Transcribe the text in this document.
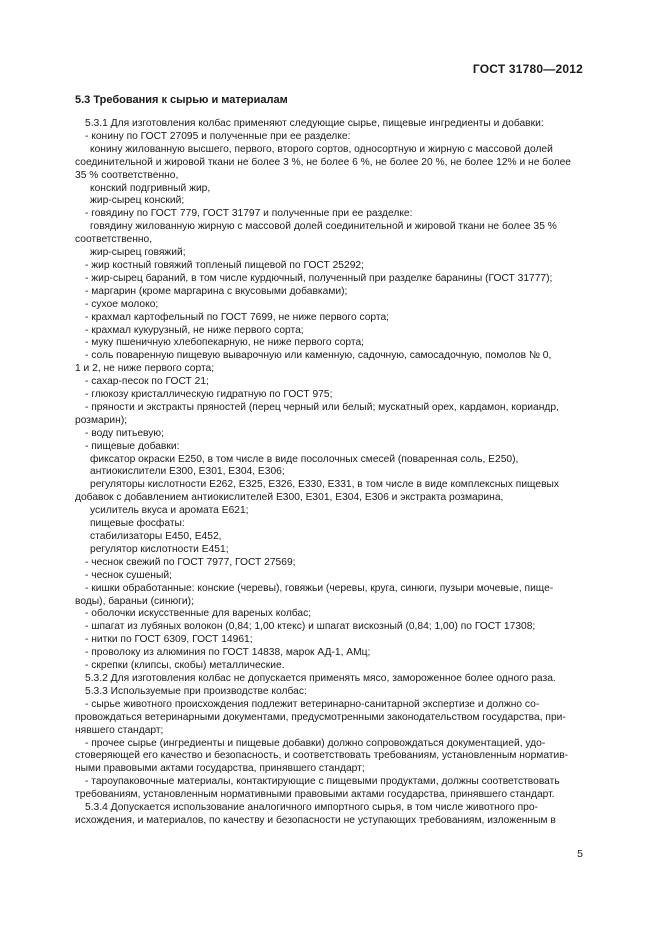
ГОСТ 31780—2012
5.3 Требования к сырью и материалам
5.3.1 Для изготовления колбас применяют следующие сырье, пищевые ингредиенты и добавки:
- конину по ГОСТ 27095 и полученные при ее разделке:
конину жилованную высшего, первого, второго сортов, односортную и жирную с массовой долей
соединительной и жировой ткани не более 3 %, не более 6 %, не более 20 %, не более 12% и не более
35 % соответственно,
конский подгривный жир,
жир-сырец конский;
- говядину по ГОСТ 779, ГОСТ 31797 и полученные при ее разделке:
говядину жилованную жирную с массовой долей соединительной и жировой ткани не более 35 %
соответственно,
жир-сырец говяжий;
- жир костный говяжий топленый пищевой по ГОСТ 25292;
- жир-сырец бараний, в том числе курдючный, полученный при разделке баранины (ГОСТ 31777);
- маргарин (кроме маргарина с вкусовыми добавками);
- сухое молоко;
- крахмал картофельный по ГОСТ 7699, не ниже первого сорта;
- крахмал кукурузный, не ниже первого сорта;
- муку пшеничную хлебопекарную, не ниже первого сорта;
- соль поваренную пищевую выварочную или каменную, садочную, самосадочную, помолов № 0,
1 и 2, не ниже первого сорта;
- сахар-песок по ГОСТ 21;
- глюкозу кристаллическую гидратную по ГОСТ 975;
- пряности и экстракты пряностей (перец черный или белый; мускатный орех, кардамон, кориандр,
розмарин);
- воду питьевую;
- пищевые добавки:
фиксатор окраски Е250, в том числе в виде посолочных смесей (поваренная соль, Е250),
антиокислители Е300, Е301, Е304, Е306;
регуляторы кислотности Е262, Е325, Е326, Е330, Е331, в том числе в виде комплексных пищевых
добавок с добавлением антиокислителей Е300, Е301, Е304, Е306 и экстракта розмарина,
усилитель вкуса и аромата Е621;
пищевые фосфаты:
стабилизаторы Е450, Е452,
регулятор кислотности Е451;
- чеснок свежий по ГОСТ 7977, ГОСТ 27569;
- чеснок сушеный;
- кишки обработанные: конские (черевы), говяжьи (черевы, круга, синюги, пузыри мочевые, пище-
воды), бараньи (синюги);
- оболочки искусственные для вареных колбас;
- шпагат из лубяных волокон (0,84; 1,00 ктекс) и шпагат вискозный (0,84; 1,00) по ГОСТ 17308;
- нитки по ГОСТ 6309, ГОСТ 14961;
- проволоку из алюминия по ГОСТ 14838, марок АД-1, АМц;
- скрепки (клипсы, скобы) металлические.
5.3.2 Для изготовления колбас не допускается применять мясо, замороженное более одного раза.
5.3.3 Используемые при производстве колбас:
- сырье животного происхождения подлежит ветеринарно-санитарной экспертизе и должно со-
провождаться ветеринарными документами, предусмотренными законодательством государства, при-
нявшего стандарт;
- прочее сырье (ингредиенты и пищевые добавки) должно сопровождаться документацией, удо-
стоверяющей его качество и безопасность, и соответствовать требованиям, установленным норматив-
ными правовыми актами государства, принявшего стандарт;
- тароупаковочные материалы, контактирующие с пищевыми продуктами, должны соответствовать
требованиям, установленным нормативными правовыми актами государства, принявшего стандарт.
5.3.4 Допускается использование аналогичного импортного сырья, в том числе животного про-
исхождения, и материалов, по качеству и безопасности не уступающих требованиям, изложенным в
5
